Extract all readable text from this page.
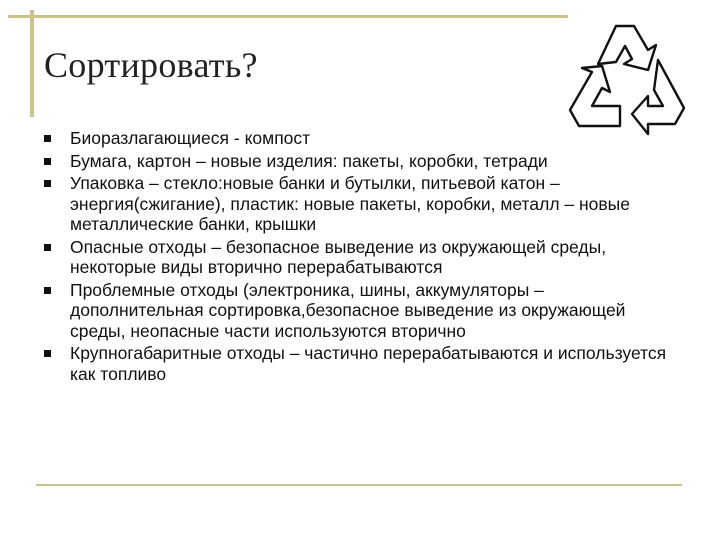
Сортировать?
Биоразлагающиеся - компост
Бумага, картон – новые изделия: пакеты, коробки, тетради
Упаковка – стекло:новые банки и бутылки, питьевой катон – энергия(сжигание), пластик: новые пакеты, коробки, металл – новые металлические банки, крышки
Опасные отходы – безопасное выведение из окружающей среды, некоторые виды вторично перерабатываются
Проблемные отходы (электроника, шины, аккумуляторы – дополнительная сортировка,безопасное выведение из окружающей среды, неопасные части используются вторично
Крупногабаритные отходы – частично перерабатываются и используется как топливо
